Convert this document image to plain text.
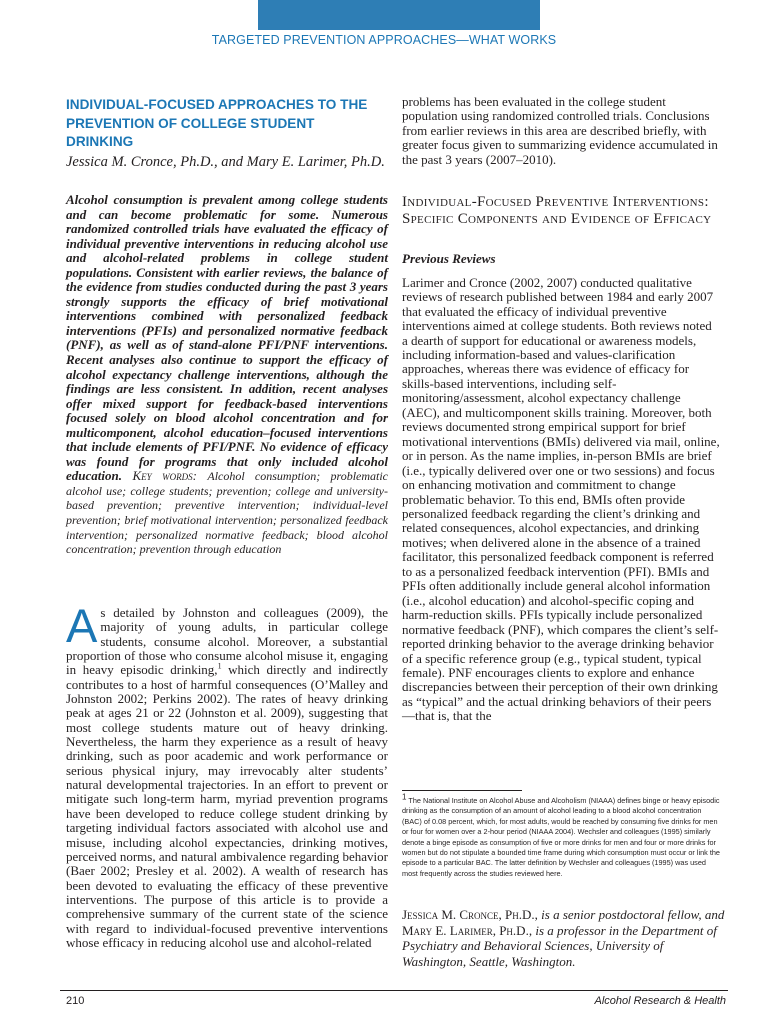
TARGETED PREVENTION APPROACHES—WHAT WORKS
INDIVIDUAL-FOCUSED APPROACHES TO THE PREVENTION OF COLLEGE STUDENT DRINKING
Jessica M. Cronce, Ph.D., and Mary E. Larimer, Ph.D.
Alcohol consumption is prevalent among college students and can become problematic for some. Numerous randomized controlled trials have evaluated the efficacy of individual preventive interventions in reducing alcohol use and alcohol-related problems in college student populations. Consistent with earlier reviews, the balance of the evidence from studies conducted during the past 3 years strongly supports the efficacy of brief motivational interventions combined with personalized feedback interventions (PFIs) and personalized normative feedback (PNF), as well as of stand-alone PFI/PNF interventions. Recent analyses also continue to support the efficacy of alcohol expectancy challenge interventions, although the findings are less consistent. In addition, recent analyses offer mixed support for feedback-based interventions focused solely on blood alcohol concentration and for multicomponent, alcohol education–focused interventions that include elements of PFI/PNF. No evidence of efficacy was found for programs that only included alcohol education. Key words: Alcohol consumption; problematic alcohol use; college students; prevention; college and university-based prevention; preventive intervention; individual-level prevention; brief motivational intervention; personalized feedback intervention; personalized normative feedback; blood alcohol concentration; prevention through education
As detailed by Johnston and colleagues (2009), the majority of young adults, in particular college students, consume alcohol. Moreover, a substantial proportion of those who consume alcohol misuse it, engaging in heavy episodic drinking,$^1$ which directly and indirectly contributes to a host of harmful consequences (O’Malley and Johnston 2002; Perkins 2002). The rates of heavy drinking peak at ages 21 or 22 (Johnston et al. 2009), suggesting that most college students mature out of heavy drinking. Nevertheless, the harm they experience as a result of heavy drinking, such as poor academic and work performance or serious physical injury, may irrevocably alter students’ natural developmental trajectories. In an effort to prevent or mitigate such long-term harm, myriad prevention programs have been developed to reduce college student drinking by targeting individual factors associated with alcohol use and misuse, including alcohol expectancies, drinking motives, perceived norms, and natural ambivalence regarding behavior (Baer 2002; Presley et al. 2002). A wealth of research has been devoted to evaluating the efficacy of these preventive interventions. The purpose of this article is to provide a comprehensive summary of the current state of the science with regard to individual-focused preventive interventions whose efficacy in reducing alcohol use and alcohol-related
problems has been evaluated in the college student population using randomized controlled trials. Conclusions from earlier reviews in this area are described briefly, with greater focus given to summarizing evidence accumulated in the past 3 years (2007–2010).
Individual-Focused Preventive Interventions: Specific Components and Evidence of Efficacy
Previous Reviews
Larimer and Cronce (2002, 2007) conducted qualitative reviews of research published between 1984 and early 2007 that evaluated the efficacy of individual preventive interventions aimed at college students. Both reviews noted a dearth of support for educational or awareness models, including information-based and values-clarification approaches, whereas there was evidence of efficacy for skills-based interventions, including self-monitoring/assessment, alcohol expectancy challenge (AEC), and multicomponent skills training. Moreover, both reviews documented strong empirical support for brief motivational interventions (BMIs) delivered via mail, online, or in person. As the name implies, in-person BMIs are brief (i.e., typically delivered over one or two sessions) and focus on enhancing motivation and commitment to change problematic behavior. To this end, BMIs often provide personalized feedback regarding the client’s drinking and related consequences, alcohol expectancies, and drinking motives; when delivered alone in the absence of a trained facilitator, this personalized feedback component is referred to as a personalized feedback intervention (PFI). BMIs and PFIs often additionally include general alcohol information (i.e., alcohol education) and alcohol-specific coping and harm-reduction skills. PFIs typically include personalized normative feedback (PNF), which compares the client’s self-reported drinking behavior to the average drinking behavior of a specific reference group (e.g., typical student, typical female). PNF encourages clients to explore and enhance discrepancies between their perception of their own drinking as “typical” and the actual drinking behaviors of their peers—that is, that the
$^1$ The National Institute on Alcohol Abuse and Alcoholism (NIAAA) defines binge or heavy episodic drinking as the consumption of an amount of alcohol leading to a blood alcohol concentration (BAC) of 0.08 percent, which, for most adults, would be reached by consuming five drinks for men or four for women over a 2-hour period (NIAAA 2004). Wechsler and colleagues (1995) similarly denote a binge episode as consumption of five or more drinks for men and four or more drinks for women but do not stipulate a bounded time frame during which consumption must occur or link the episode to a particular BAC. The latter definition by Wechsler and colleagues (1995) was used most frequently across the studies reviewed here.
Jessica M. Cronce, Ph.D., is a senior postdoctoral fellow, and Mary E. Larimer, Ph.D., is a professor in the Department of Psychiatry and Behavioral Sciences, University of Washington, Seattle, Washington.
210	Alcohol Research & Health
